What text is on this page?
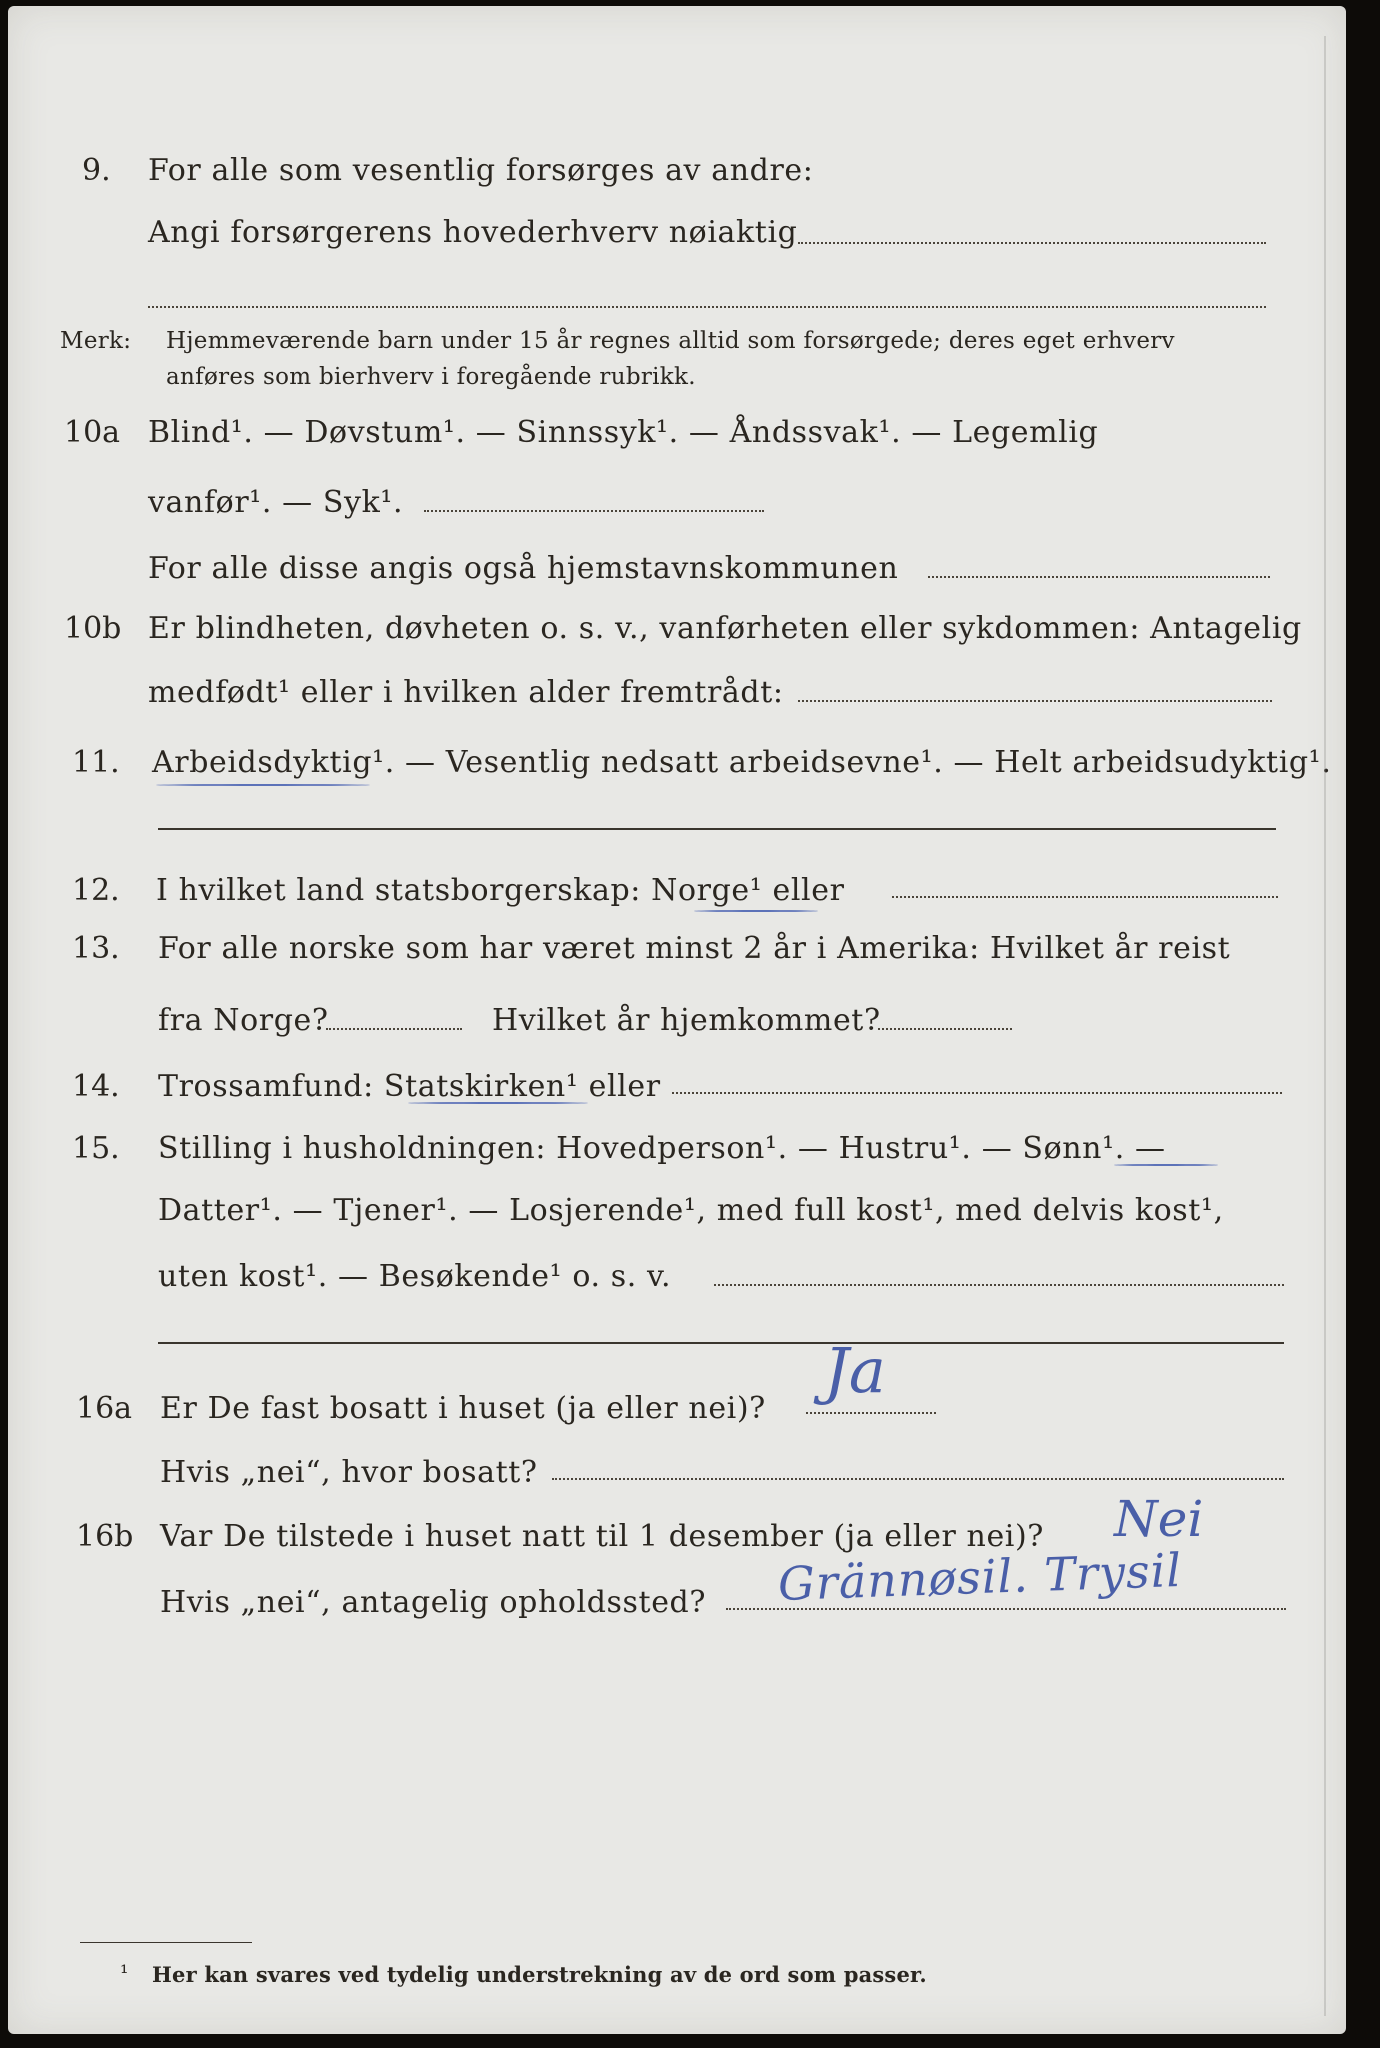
9. For alle som vesentlig forsørges av andre:
Angi forsørgerens hovederhverv nøiaktig
Merk: Hjemmeværende barn under 15 år regnes alltid som forsørgede; deres eget erhverv
anføres som bierhverv i foregående rubrikk.
10a Blind¹. — Døvstum¹. — Sinnssyk¹. — Åndssvak¹. — Legemlig
vanfør¹. — Syk¹.
For alle disse angis også hjemstavnskommunen
10b Er blindheten, døvheten o. s. v., vanførheten eller sykdommen: Antagelig
medfødt¹ eller i hvilken alder fremtrådt:
11. Arbeidsdyktig¹. — Vesentlig nedsatt arbeidsevne¹. — Helt arbeidsudyktig¹.
12. I hvilket land statsborgerskap: Norge¹ eller
13. For alle norske som har været minst 2 år i Amerika: Hvilket år reist
fra Norge?	Hvilket år hjemkommet?
14. Trossamfund: Statskirken¹ eller
15. Stilling i husholdningen: Hovedperson¹. — Hustru¹. — Sønn¹. —
Datter¹. — Tjener¹. — Losjerende¹, med full kost¹, med delvis kost¹,
uten kost¹. — Besøkende¹ o. s. v.
16a Er De fast bosatt i huset (ja eller nei)?
Ja
Hvis „nei“, hvor bosatt?
16b Var De tilstede i huset natt til 1 desember (ja eller nei)? Nei
Hvis „nei“, antagelig opholdssted? Grännøsil. Trysil
¹ Her kan svares ved tydelig understrekning av de ord som passer.
